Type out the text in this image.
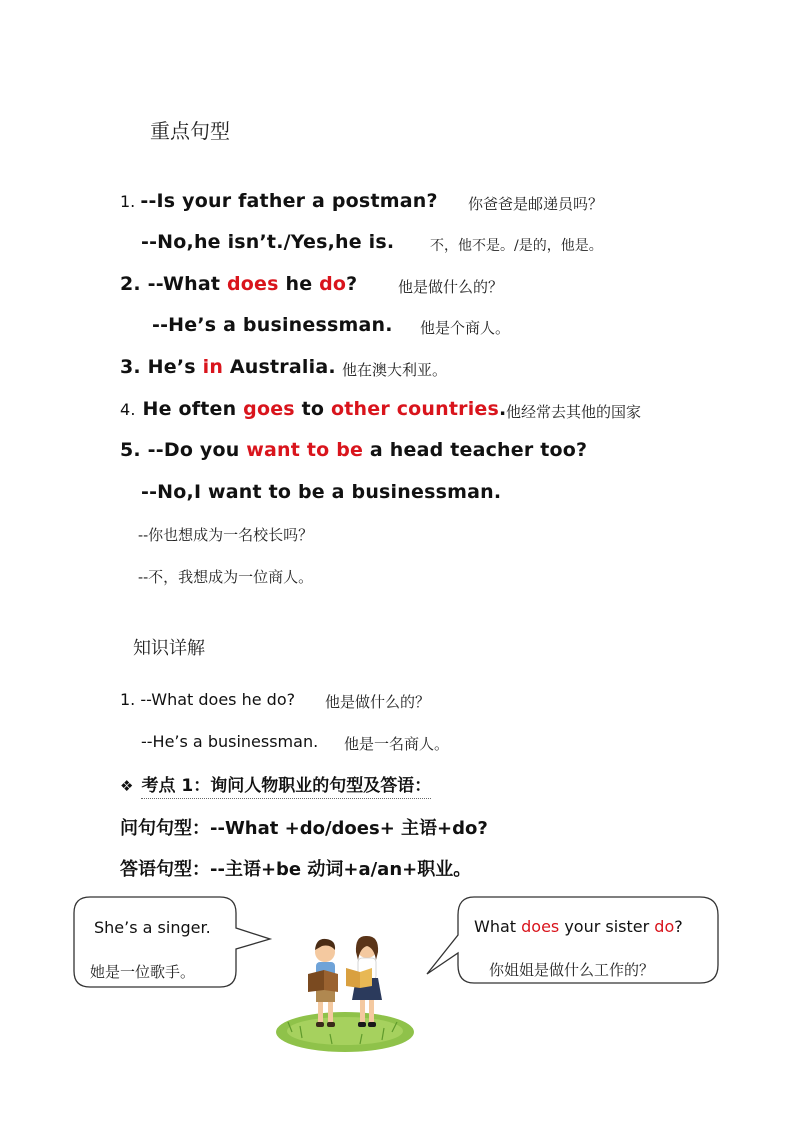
重点句型
1. --Is your father a postman? 你爸爸是邮递员吗？
--No,he isn’t./Yes,he is.	不，他不是。/是的，他是。
2. --What does he do?	他是做什么的？
--He’s a businessman. 他是个商人。
3. He’s in Australia. 他在澳大利亚。
4. He often goes to other countries. 他经常去其他的国家
5. --Do you want to be a head teacher too?
--No,I want to be a businessman.
--你也想成为一名校长吗？
--不，我想成为一位商人。
知识详解
1. --What does he do? 他是做什么的？
--He’s a businessman. 他是一名商人。
❖ 考点 1：询问人物职业的句型及答语：
问句句型：--What +do/does+ 主语+do?
答语句型：--主语+be 动词+a/an+职业。
She’s a singer.
她是一位歌手。
What does your sister do?
你姐姐是做什么工作的？
